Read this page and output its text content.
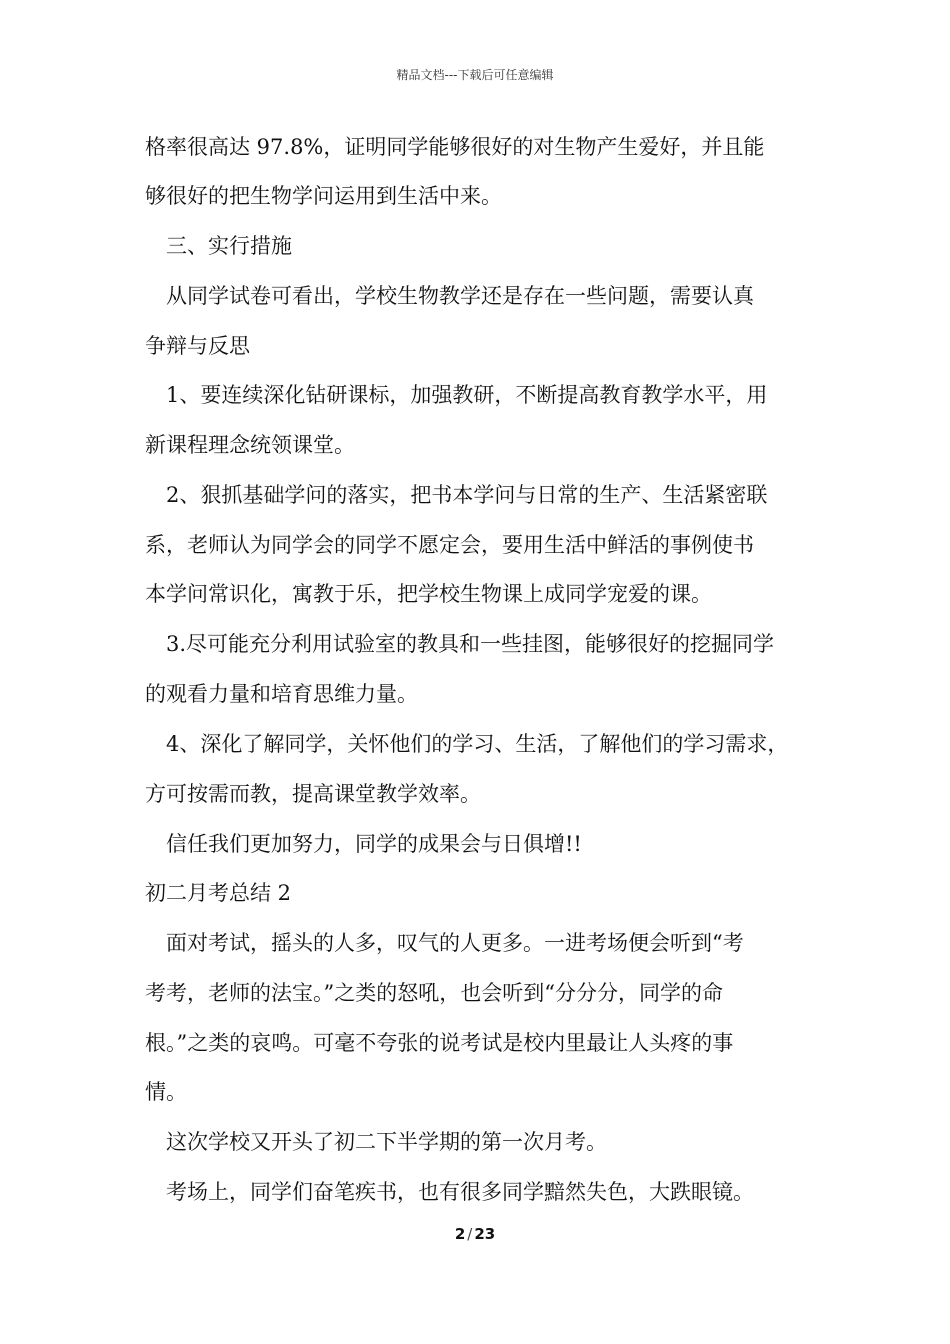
精品文档---下载后可任意编辑
格率很高达 97.8%，证明同学能够很好的对生物产生爱好，并且能
够很好的把生物学问运用到生活中来。
三、实行措施
从同学试卷可看出，学校生物教学还是存在一些问题，需要认真
争辩与反思
1、要连续深化钻研课标，加强教研，不断提高教育教学水平，用
新课程理念统领课堂。
2、狠抓基础学问的落实，把书本学问与日常的生产、生活紧密联
系，老师认为同学会的同学不愿定会，要用生活中鲜活的事例使书
本学问常识化，寓教于乐，把学校生物课上成同学宠爱的课。
3.尽可能充分利用试验室的教具和一些挂图，能够很好的挖掘同学
的观看力量和培育思维力量。
4、深化了解同学，关怀他们的学习、生活，了解他们的学习需求，
方可按需而教，提高课堂教学效率。
信任我们更加努力，同学的成果会与日俱增!!
初二月考总结 2
面对考试，摇头的人多，叹气的人更多。一进考场便会听到“考
考考，老师的法宝。”之类的怒吼，也会听到“分分分，同学的命
根。”之类的哀鸣。可毫不夸张的说考试是校内里最让人头疼的事
情。
这次学校又开头了初二下半学期的第一次月考。
考场上，同学们奋笔疾书，也有很多同学黯然失色，大跌眼镜。
2 / 23
